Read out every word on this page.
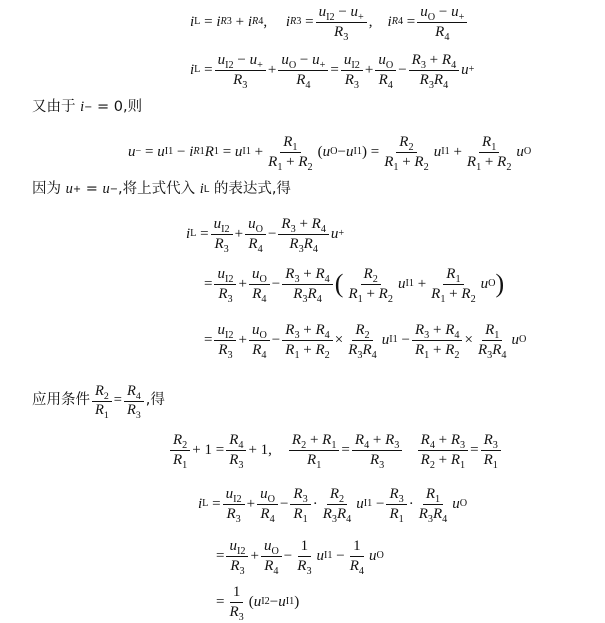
i L = i R3 + i R4 , i $R3 = \frac{u_{I2} - u_+}{R_3}$ , i $R4 = \frac{u_O - u_+}{R_4}$
i $L = \frac{u_{I2} - u_+}{R_3} + \frac{u_O - u_+}{R_4} = \frac{u_{I2}}{R_3} + \frac{u_O}{R_4} - \frac{R_3 + R_4}{R_3R_4}$ u +
又由于
i −
= 0,则
u − = u I1 − i R1 R 1 = u $I1 + \frac{R_1}{R_1 + R_2}$ ( u O − u I1 ) = $\frac{R_2}{R_1 + R_2}$ u $I1 + \frac{R_1}{R_1 + R_2}$ u O
因为
u + = u − , 将上式代入
i L
的表达式,得
i $L = \frac{u_{I2}}{R_3} + \frac{u_O}{R_4} - \frac{R_3 + R_4}{R_3R_4}$ u +
= $\frac{u_{I2}}{R_3} + \frac{u_O}{R_4} - \frac{R_3 + R_4}{R_3R_4}$ ( $\frac{R_2}{R_1 + R_2}$ u $I1 + \frac{R_1}{R_1 + R_2}$ u O )
= $\frac{u_{I2}}{R_3} + \frac{u_O}{R_4} - \frac{R_3 + R_4}{R_1 + R_2} \times \frac{R_2}{R_3R_4}$ u $I1 - \frac{R_3 + R_4}{R_1 + R_2} \times \frac{R_1}{R_3R_4}$ u O
应用条件 $\frac{R_2}{R_1} = \frac{R_4}{R_3}$ ,得
$\frac{R_2}{R_1} + 1 = \frac{R_4}{R_3} + 1$, $\frac{R_2 + R_1}{R_1} = \frac{R_4 + R_3}{R_3}$
$\frac{R_4 + R_3}{R_2 + R_1} = \frac{R_3}{R_1}$
i $L = \frac{u_{I2}}{R_3} + \frac{u_O}{R_4} - \frac{R_3}{R_1} \cdot \frac{R_2}{R_3R_4}$ u $I1 - \frac{R_3}{R_1} \cdot \frac{R_1}{R_3R_4}$ u O
= $\frac{u_{I2}}{R_3} + \frac{u_O}{R_4} - \frac{1}{R_3}$ u $I1 - \frac{1}{R_4}$ u O
= $\frac{1}{R_3}$ ( u I2 − u I1 )
